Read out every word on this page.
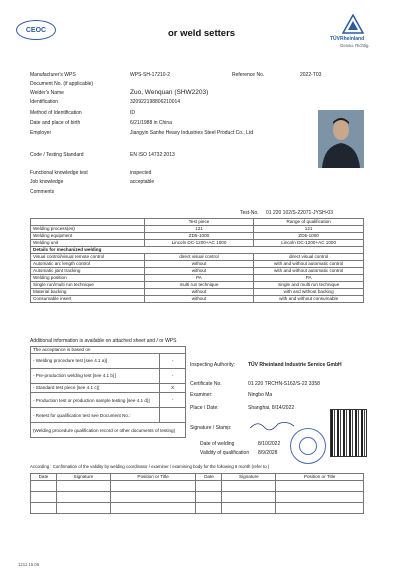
CEOC	or weld setters	TÜVRheinland
Genau. Richtig.
Manufacturer's WPS	WPS-SH-17210-2	Reference No.	2022-T03
Document No. (if applicable)
Welder's Name	Zuo, Wenquan (SHW2203)
Identification	320922198806210014
Method of Identification	ID
Date and place of birth	6/21/1988 in China
Employer	Jiangyin Sanhe Heavy Industries Steel Product Co., Ltd
Code / Testing Standard	EN ISO 14732:2013
Functional knowledge test	inspected
Job knowledge	acceptable
Comments
Test-No. 01 220 102/S-22071-JYSH-03
	Test piece	Range of qualification
Welding process(es)	121	121
Welding equipment	ZD5-1000	ZD5-1000
Welding unit	Lincoln DC-1200+AC 1000	Lincoln DC-1200+AC 1000
Details for mechanized welding		
Visual control/visual remote control	direct visual control	direct visual control
Automatic arc length control	without	with and without automatic control
Automatic joint tracking	without	with and without automatic control
Welding position	PA	PA
Single run/multi run technique	multi run technique	single and multi run technique
Material backing	without	with and without backing
Consumable insert	without	with and without consumable
Additional information is available on attached sheet and / or WPS
The acceptance is based on	
- Welding procedure test [see 4.1 a)]	-
- Pre-production welding test [see 4.1 b)]	-
- Standard test piece [see 4.1 c)]	X
- Production test or production sample testing [see 4.1 d)]	-
- Retest for qualification test see Document No.:	
(Welding procedure qualification record or other documents of testing)	
Inspecting Authority:	TÜV Rheinland Industrie Service GmbH
Certificate No.	01 220 TRCHN-S162/S-22 3358
Examiner:	Ningbo Ma
Place / Date:	Shanghai, 8/14/2022
Signature / Stamp:
Date of welding	8/10/2022
Validity of qualification 8/9/2028
According : Confirmation of the validity by welding coordinator / examiner / examining body for the following 6 month (refer to )
Date	Signature	Position or Title	Date	Signature	Position or Title

1211 15.06
